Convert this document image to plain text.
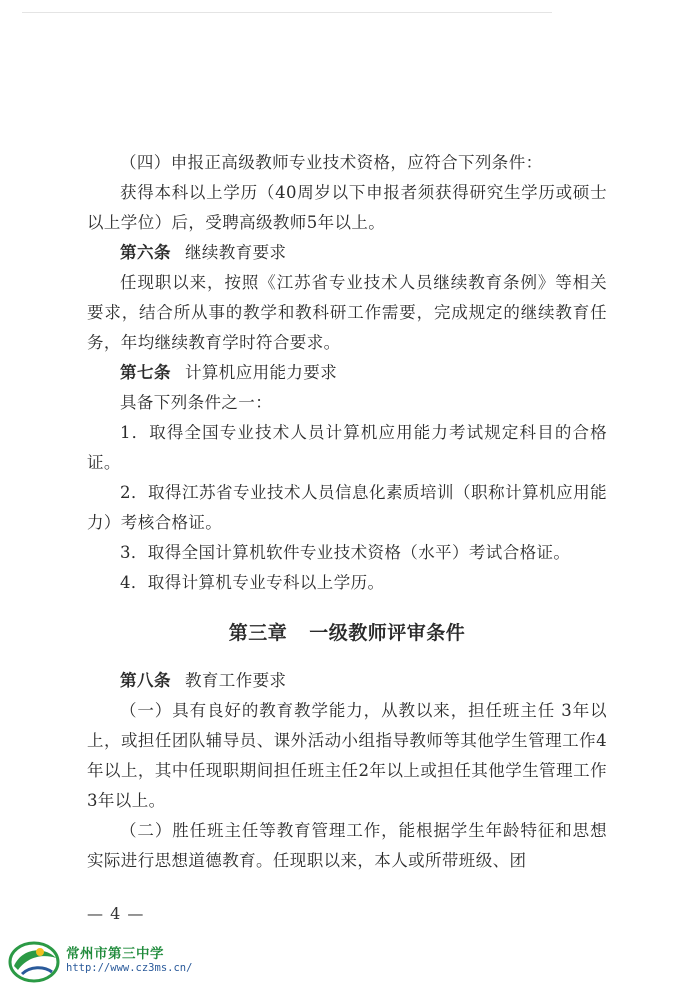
（四）申报正高级教师专业技术资格，应符合下列条件：

获得本科以上学历（40周岁以下申报者须获得研究生学历或硕士以上学位）后，受聘高级教师5年以上。

第六条 继续教育要求

任现职以来，按照《江苏省专业技术人员继续教育条例》等相关要求，结合所从事的教学和教科研工作需要，完成规定的继续教育任务，年均继续教育学时符合要求。

第七条 计算机应用能力要求

具备下列条件之一：

1．取得全国专业技术人员计算机应用能力考试规定科目的合格证。

2．取得江苏省专业技术人员信息化素质培训（职称计算机应用能力）考核合格证。

3．取得全国计算机软件专业技术资格（水平）考试合格证。

4．取得计算机专业专科以上学历。

第三章 一级教师评审条件

第八条 教育工作要求

（一）具有良好的教育教学能力，从教以来，担任班主任 3年以上，或担任团队辅导员、课外活动小组指导教师等其他学生管理工作4年以上，其中任现职期间担任班主任2年以上或担任其他学生管理工作3年以上。

（二）胜任班主任等教育管理工作，能根据学生年龄特征和思想实际进行思想道德教育。任现职以来，本人或所带班级、团

— 4 —
常州市第三中学
http://www.cz3ms.cn/
